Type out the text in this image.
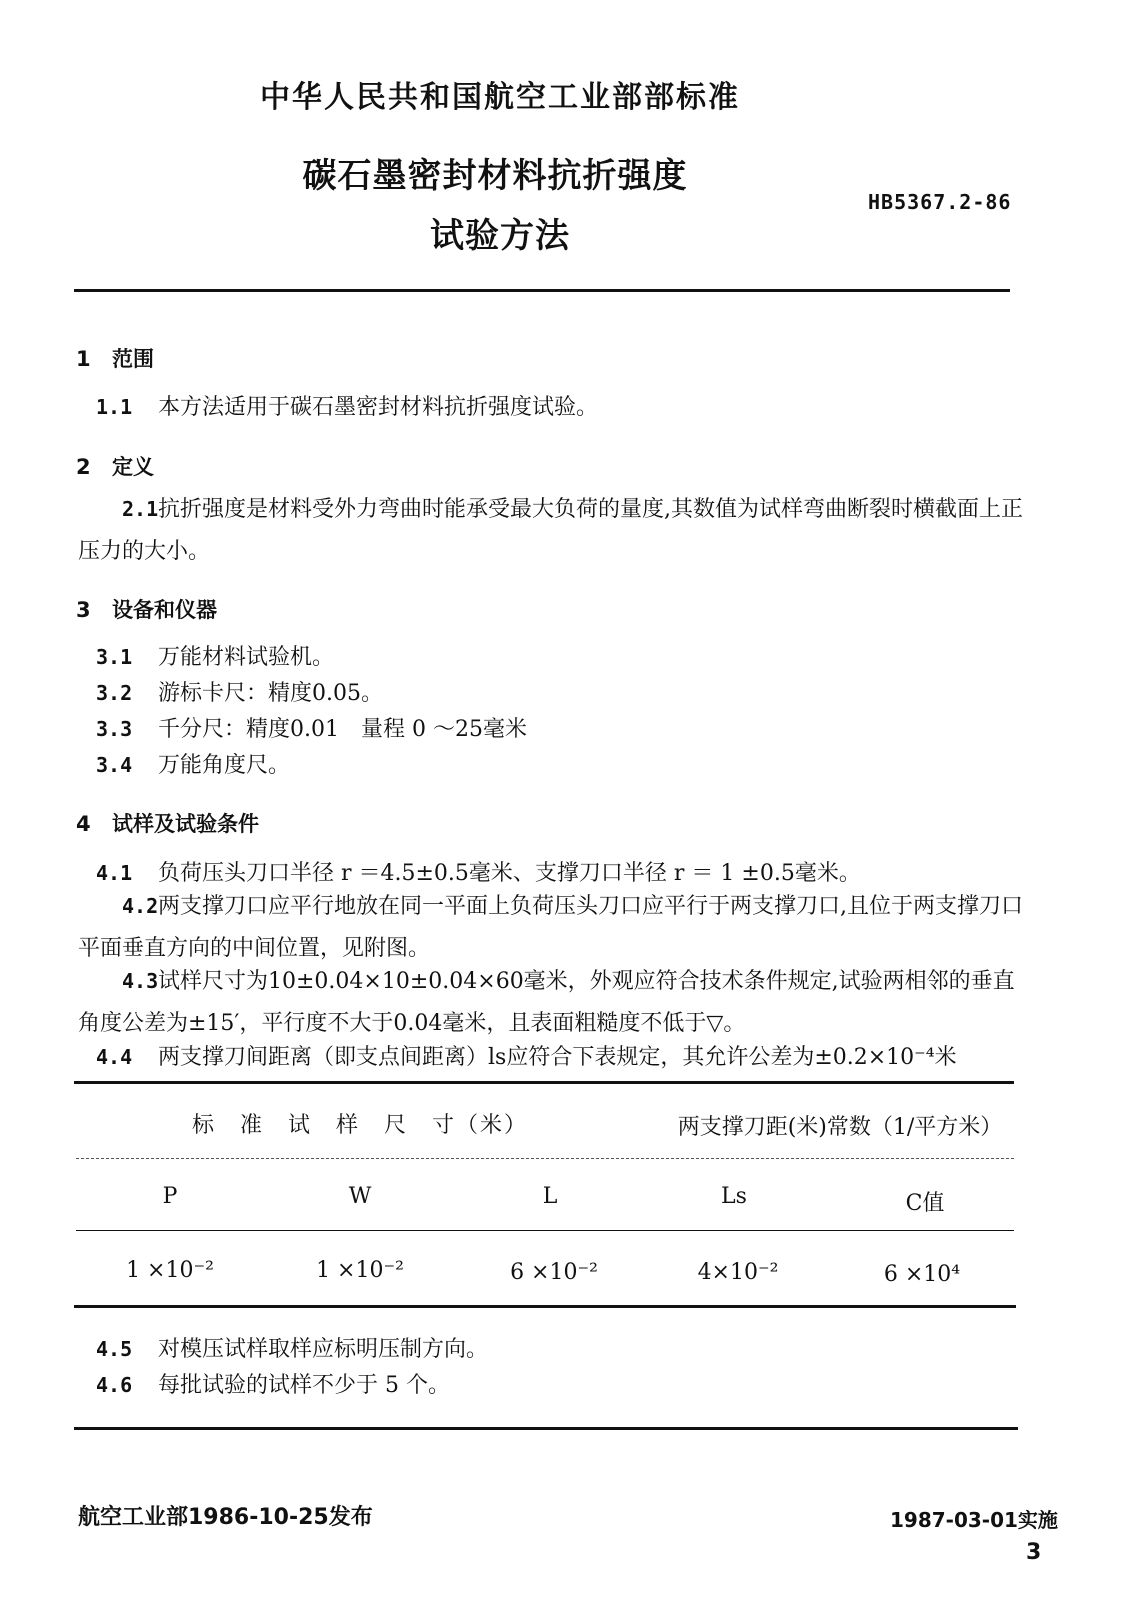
中华人民共和国航空工业部部标准
碳石墨密封材料抗折强度
试验方法
HB5367.2-86
1 范围
1.1 本方法适用于碳石墨密封材料抗折强度试验。
2 定义
2.1抗折强度是材料受外力弯曲时能承受最大负荷的量度,其数值为试样弯曲断裂时横截面上正压力的大小。
3 设备和仪器
3.1 万能材料试验机。
3.2 游标卡尺：精度0.05。
3.3 千分尺：精度0.01　量程 0 ～25毫米
3.4 万能角度尺。
4 试样及试验条件
4.1 负荷压头刀口半径 r ＝4.5±0.5毫米、支撑刀口半径 r ＝ 1 ±0.5毫米。
4.2两支撑刀口应平行地放在同一平面上负荷压头刀口应平行于两支撑刀口,且位于两支撑刀口平面垂直方向的中间位置，见附图。
4.3试样尺寸为10±0.04×10±0.04×60毫米，外观应符合技术条件规定,试验两相邻的垂直角度公差为±15′，平行度不大于0.04毫米，且表面粗糙度不低于▽。
4.4 两支撑刀间距离（即支点间距离）ls应符合下表规定，其允许公差为±0.2×10⁻⁴米
标　准　试　样　尺　寸（米）	两支撑刀距(米)常数（1/平方米）
P	W	L	Ls	C值
1 ×10⁻²	1 ×10⁻²	6 ×10⁻²	4×10⁻²	6 ×10⁴
4.5 对模压试样取样应标明压制方向。
4.6 每批试验的试样不少于 5 个。
航空工业部1986-10-25发布	1987-03-01实施
3
